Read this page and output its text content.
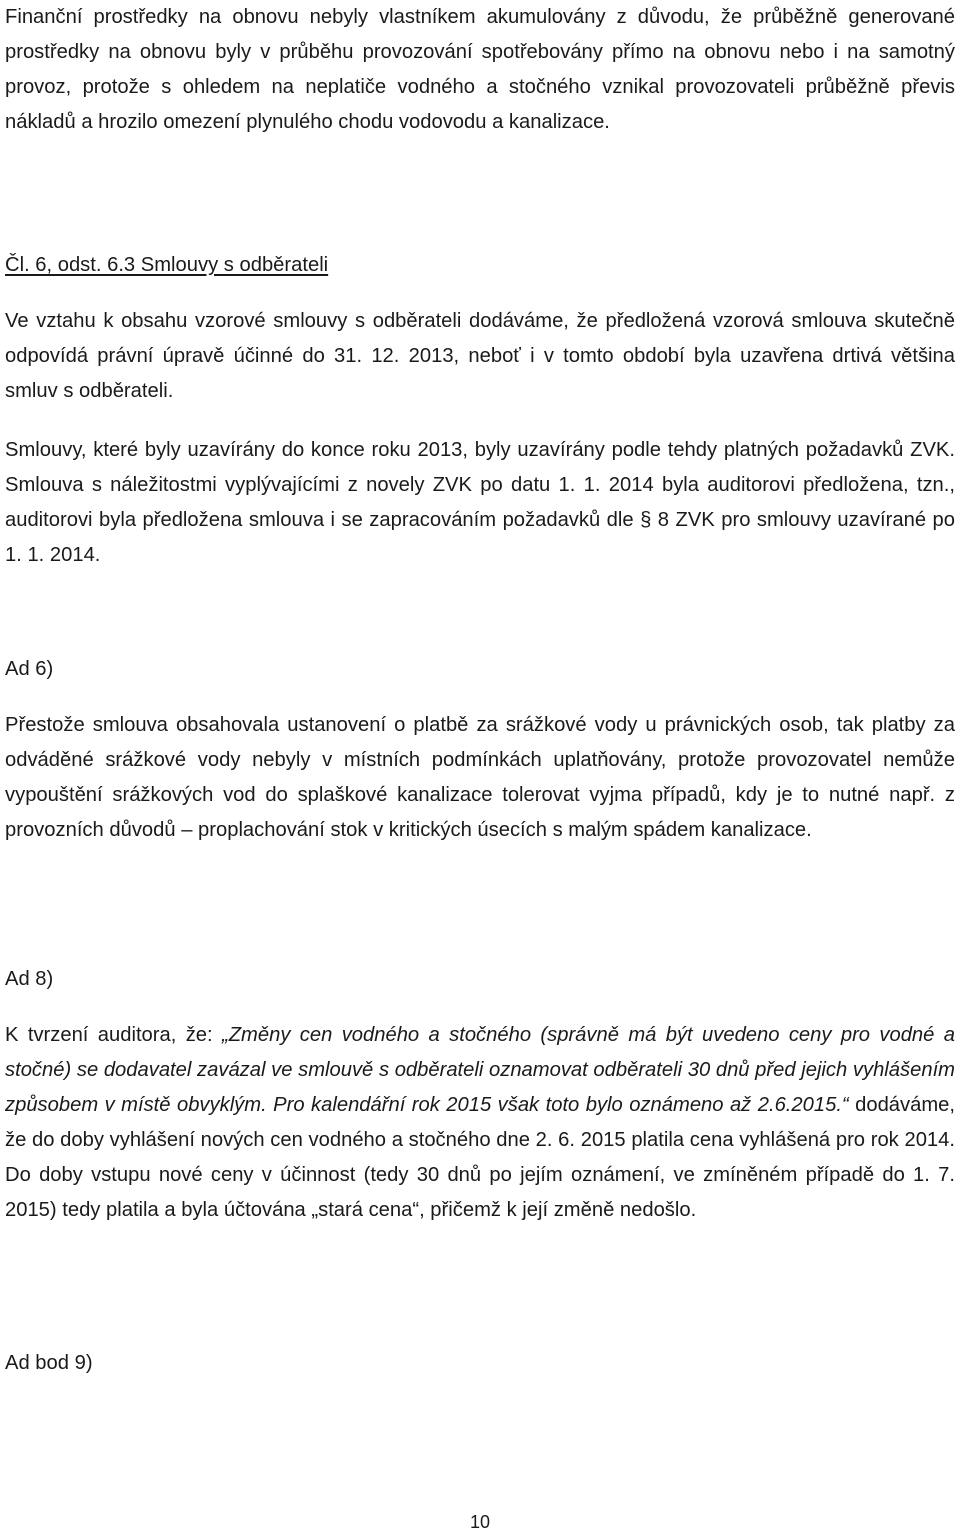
Finanční prostředky na obnovu nebyly vlastníkem akumulovány z důvodu, že průběžně generované prostředky na obnovu byly v průběhu provozování spotřebovány přímo na obnovu nebo i na samotný provoz, protože s ohledem na neplatiče vodného a stočného vznikal provozovateli průběžně převis nákladů a hrozilo omezení plynulého chodu vodovodu a kanalizace.

Čl. 6, odst. 6.3 Smlouvy s odběrateli

Ve vztahu k obsahu vzorové smlouvy s odběrateli dodáváme, že předložená vzorová smlouva skutečně odpovídá právní úpravě účinné do 31. 12. 2013, neboť i v tomto období byla uzavřena drtivá většina smluv s odběrateli.

Smlouvy, které byly uzavírány do konce roku 2013, byly uzavírány podle tehdy platných požadavků ZVK. Smlouva s náležitostmi vyplývajícími z novely ZVK po datu 1. 1. 2014 byla auditorovi předložena, tzn., auditorovi byla předložena smlouva i se zapracováním požadavků dle § 8 ZVK pro smlouvy uzavírané po 1. 1. 2014.

Ad 6)

Přestože smlouva obsahovala ustanovení o platbě za srážkové vody u právnických osob, tak platby za odváděné srážkové vody nebyly v místních podmínkách uplatňovány, protože provozovatel nemůže vypouštění srážkových vod do splaškové kanalizace tolerovat vyjma případů, kdy je to nutné např. z provozních důvodů – proplachování stok v kritických úsecích s malým spádem kanalizace.

Ad 8)

K tvrzení auditora, že: „Změny cen vodného a stočného (správně má být uvedeno ceny pro vodné a stočné) se dodavatel zavázal ve smlouvě s odběrateli oznamovat odběrateli 30 dnů před jejich vyhlášením způsobem v místě obvyklým. Pro kalendářní rok 2015 však toto bylo oznámeno až 2.6.2015.“ dodáváme, že do doby vyhlášení nových cen vodného a stočného dne 2. 6. 2015 platila cena vyhlášená pro rok 2014. Do doby vstupu nové ceny v účinnost (tedy 30 dnů po jejím oznámení, ve zmíněném případě do 1. 7. 2015) tedy platila a byla účtována „stará cena“, přičemž k její změně nedošlo.

Ad bod 9)

10
